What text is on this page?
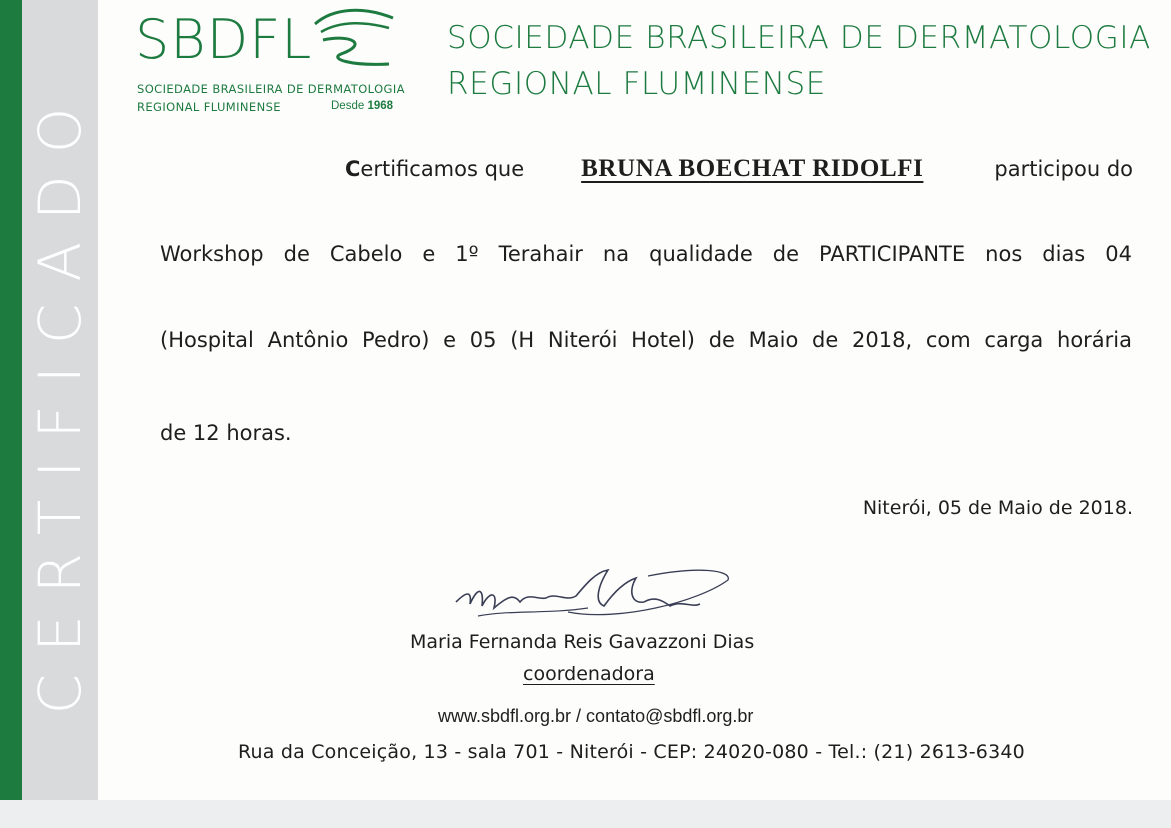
CERTIFICADO
SBDFL
SOCIEDADE BRASILEIRA DE DERMATOLOGIA
REGIONAL FLUMINENSE	Desde 1968
SOCIEDADE BRASILEIRA DE DERMATOLOGIA
REGIONAL FLUMINENSE
Certificamos que BRUNA BOECHAT RIDOLFI	participou do
Workshop de Cabelo e 1º Terahair na qualidade de PARTICIPANTE nos dias 04
(Hospital Antônio Pedro) e 05 (H Niterói Hotel) de Maio de 2018, com carga horária
de 12 horas.
Niterói, 05 de Maio de 2018.
Maria Fernanda Reis Gavazzoni Dias
coordenadora
www.sbdfl.org.br / contato@sbdfl.org.br
Rua da Conceição, 13 - sala 701 - Niterói - CEP: 24020-080 - Tel.: (21) 2613-6340
